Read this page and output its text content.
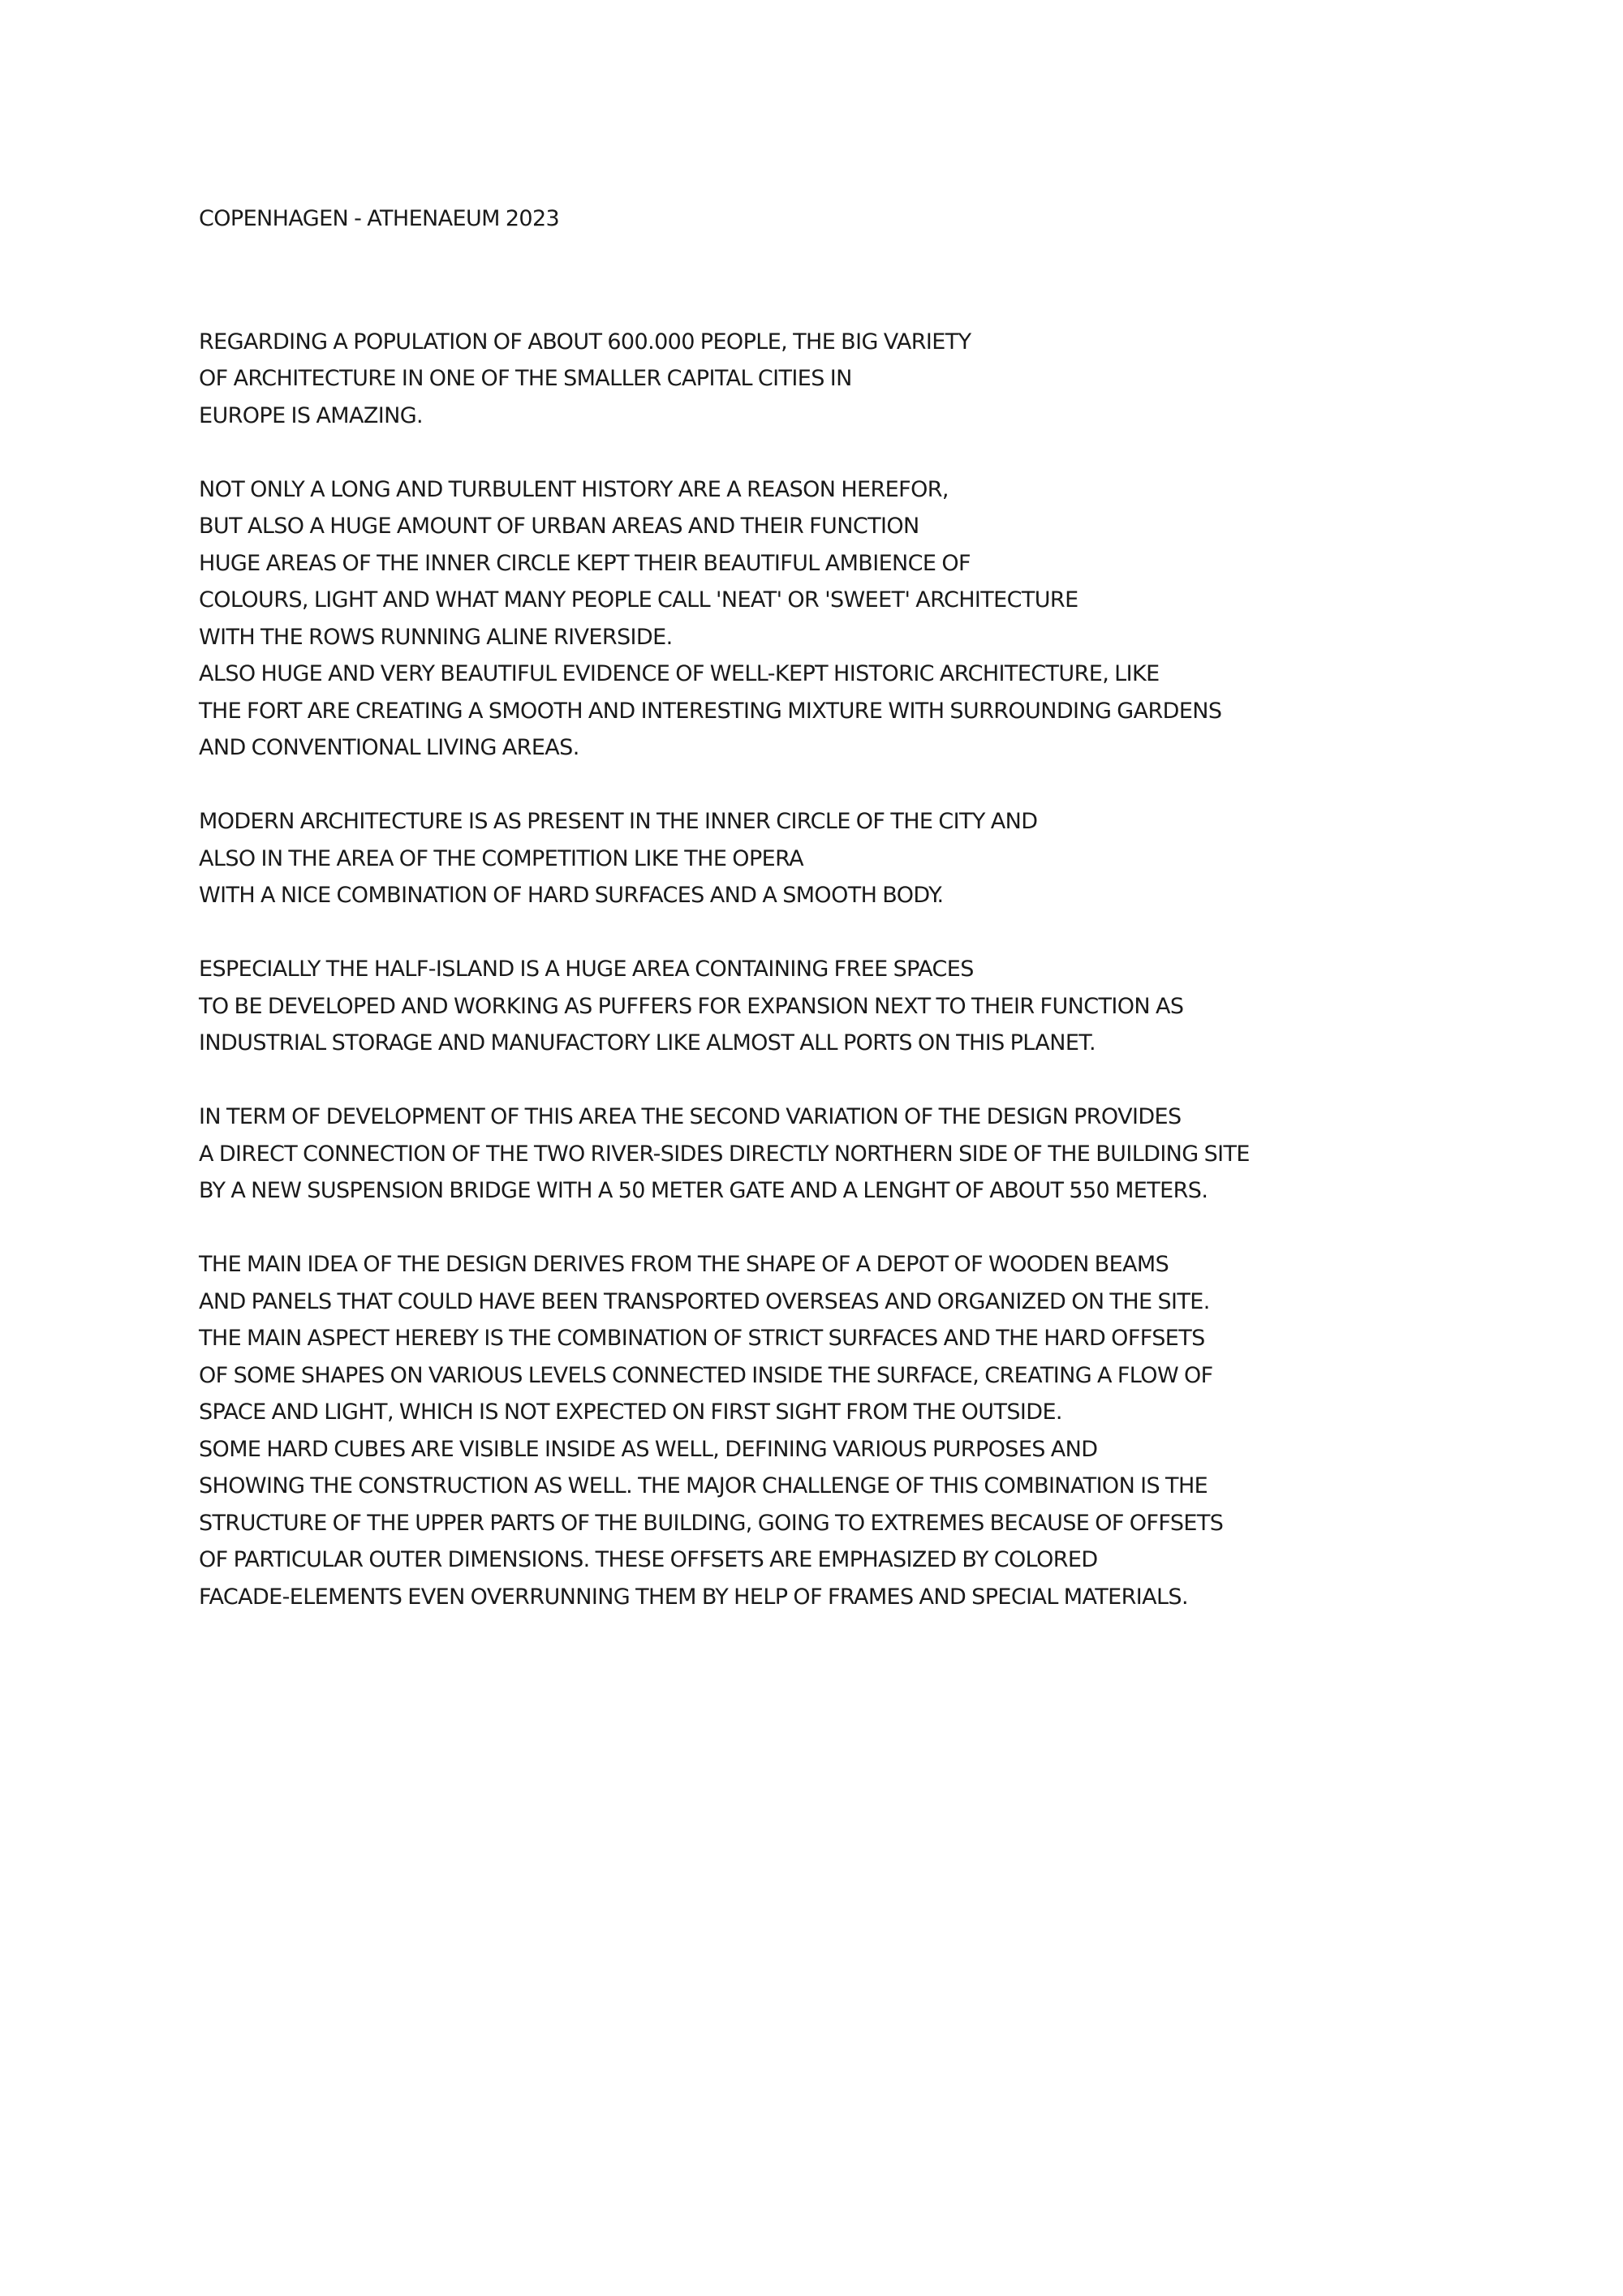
COPENHAGEN - ATHENAEUM 2023
REGARDING A POPULATION OF ABOUT 600.000 PEOPLE, THE BIG VARIETY
OF ARCHITECTURE IN ONE OF THE SMALLER CAPITAL CITIES IN
EUROPE IS AMAZING.
NOT ONLY A LONG AND TURBULENT HISTORY ARE A REASON HEREFOR,
BUT ALSO A HUGE AMOUNT OF URBAN AREAS AND THEIR FUNCTION
HUGE AREAS OF THE INNER CIRCLE KEPT THEIR BEAUTIFUL AMBIENCE OF
COLOURS, LIGHT AND WHAT MANY PEOPLE CALL 'NEAT' OR 'SWEET' ARCHITECTURE
WITH THE ROWS RUNNING ALINE RIVERSIDE.
ALSO HUGE AND VERY BEAUTIFUL EVIDENCE OF WELL-KEPT HISTORIC ARCHITECTURE, LIKE
THE FORT ARE CREATING A SMOOTH AND INTERESTING MIXTURE WITH SURROUNDING GARDENS
AND CONVENTIONAL LIVING AREAS.
MODERN ARCHITECTURE IS AS PRESENT IN THE INNER CIRCLE OF THE CITY AND
ALSO IN THE AREA OF THE COMPETITION LIKE THE OPERA
WITH A NICE COMBINATION OF HARD SURFACES AND A SMOOTH BODY.
ESPECIALLY THE HALF-ISLAND IS A HUGE AREA CONTAINING FREE SPACES
TO BE DEVELOPED AND WORKING AS PUFFERS FOR EXPANSION NEXT TO THEIR FUNCTION AS
INDUSTRIAL STORAGE AND MANUFACTORY LIKE ALMOST ALL PORTS ON THIS PLANET.
IN TERM OF DEVELOPMENT OF THIS AREA THE SECOND VARIATION OF THE DESIGN PROVIDES
A DIRECT CONNECTION OF THE TWO RIVER-SIDES DIRECTLY NORTHERN SIDE OF THE BUILDING SITE
BY A NEW SUSPENSION BRIDGE WITH A 50 METER GATE AND A LENGHT OF ABOUT 550 METERS.
THE MAIN IDEA OF THE DESIGN DERIVES FROM THE SHAPE OF A DEPOT OF WOODEN BEAMS
AND PANELS THAT COULD HAVE BEEN TRANSPORTED OVERSEAS AND ORGANIZED ON THE SITE.
THE MAIN ASPECT HEREBY IS THE COMBINATION OF STRICT SURFACES AND THE HARD OFFSETS
OF SOME SHAPES ON VARIOUS LEVELS CONNECTED INSIDE THE SURFACE, CREATING A FLOW OF
SPACE AND LIGHT, WHICH IS NOT EXPECTED ON FIRST SIGHT FROM THE OUTSIDE.
SOME HARD CUBES ARE VISIBLE INSIDE AS WELL, DEFINING VARIOUS PURPOSES AND
SHOWING THE CONSTRUCTION AS WELL. THE MAJOR CHALLENGE OF THIS COMBINATION IS THE
STRUCTURE OF THE UPPER PARTS OF THE BUILDING, GOING TO EXTREMES BECAUSE OF OFFSETS
OF PARTICULAR OUTER DIMENSIONS. THESE OFFSETS ARE EMPHASIZED BY COLORED
FACADE-ELEMENTS EVEN OVERRUNNING THEM BY HELP OF FRAMES AND SPECIAL MATERIALS.
